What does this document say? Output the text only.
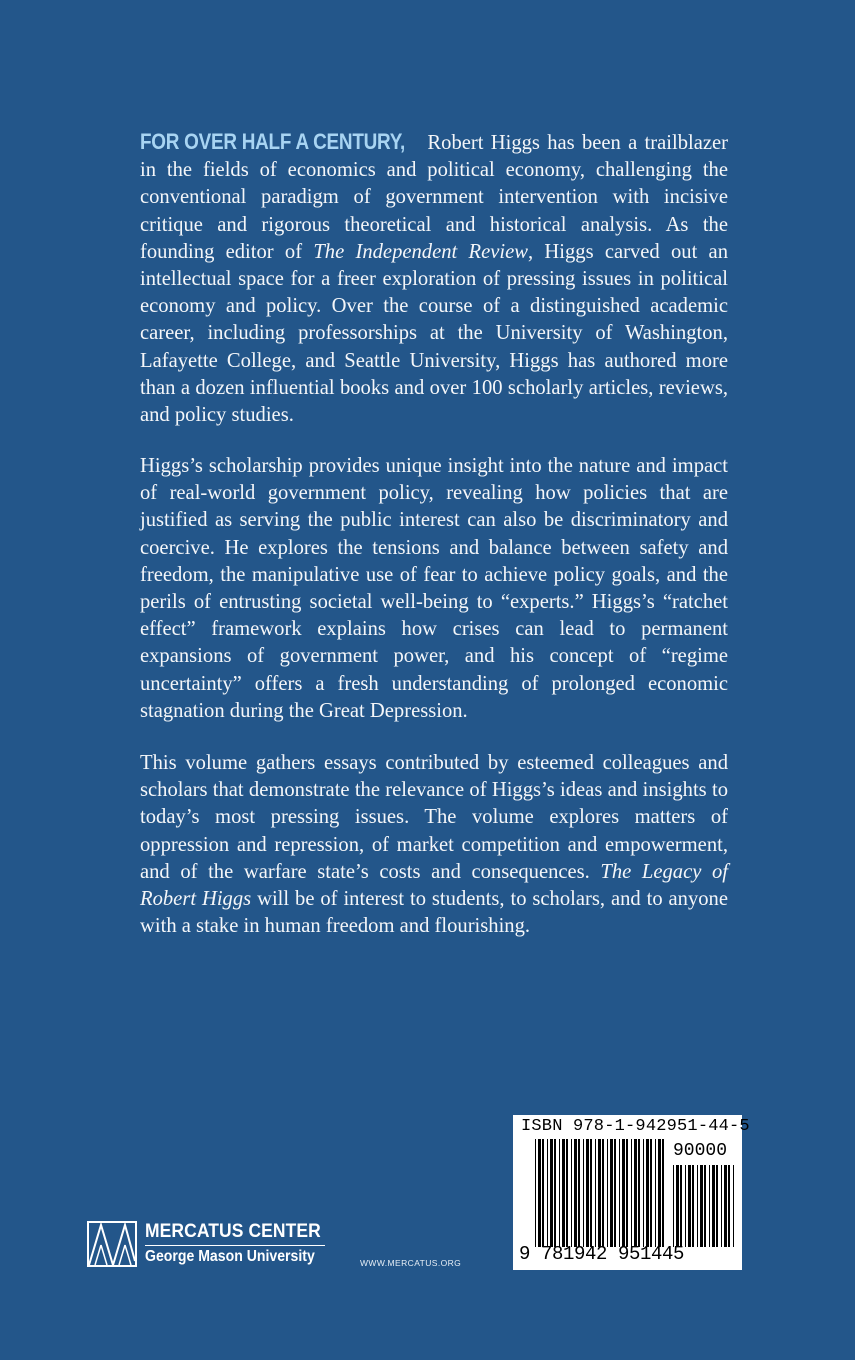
FOR OVER HALF A CENTURY, Robert Higgs has been a trailblazer in the fields of economics and political economy, challenging the conventional paradigm of government intervention with incisive critique and rigorous theoretical and historical analysis. As the founding editor of The Independent Review, Higgs carved out an intellectual space for a freer exploration of pressing issues in political economy and policy. Over the course of a distinguished academic career, including professorships at the University of Washington, Lafayette College, and Seattle University, Higgs has authored more than a dozen influential books and over 100 scholarly articles, reviews, and policy studies.
Higgs’s scholarship provides unique insight into the nature and impact of real-world government policy, revealing how policies that are justified as serving the public interest can also be discriminatory and coercive. He explores the tensions and balance between safety and freedom, the manipulative use of fear to achieve policy goals, and the perils of entrusting societal well-being to “experts.” Higgs’s “ratchet effect” framework explains how crises can lead to permanent expansions of government power, and his concept of “regime uncertainty” offers a fresh understanding of prolonged economic stagnation during the Great Depression.
This volume gathers essays contributed by esteemed colleagues and scholars that demonstrate the relevance of Higgs’s ideas and insights to today’s most pressing issues. The volume explores matters of oppression and repression, of market competition and empowerment, and of the warfare state’s costs and consequences. The Legacy of Robert Higgs will be of interest to students, to scholars, and to anyone with a stake in human freedom and flourishing.
MERCATUS CENTER
George Mason University	WWW.MERCATUS.ORG
ISBN 978-1-942951-44-5
90000
9 781942 951445
